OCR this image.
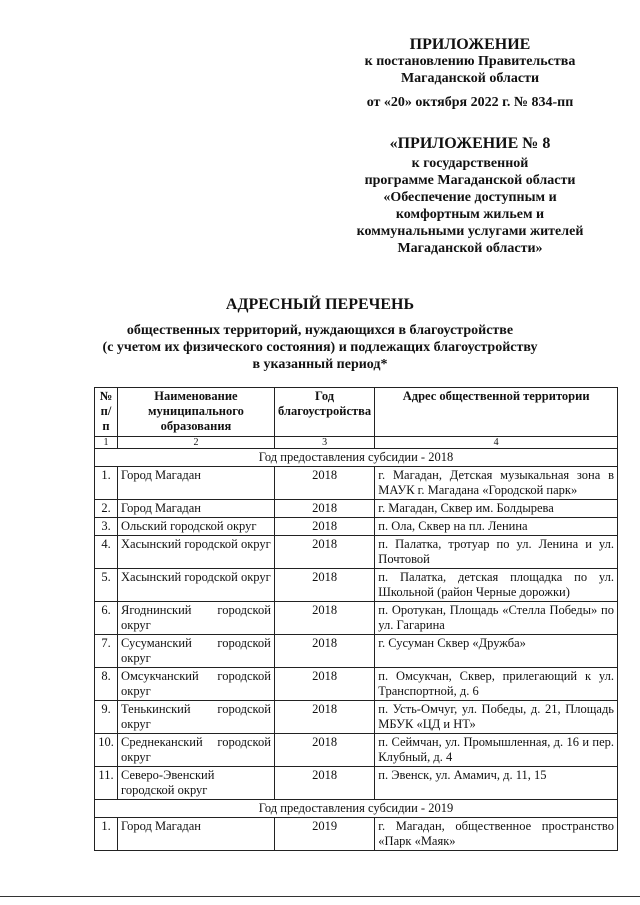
ПРИЛОЖЕНИЕ
к постановлению Правительства
Магаданской области
от «20» октября 2022 г. № 834-пп
«ПРИЛОЖЕНИЕ № 8
к государственной
программе Магаданской области
«Обеспечение доступным и
комфортным жильем и
коммунальными услугами жителей
Магаданской области»
АДРЕСНЫЙ ПЕРЕЧЕНЬ
общественных территорий, нуждающихся в благоустройстве
(с учетом их физического состояния) и подлежащих благоустройству
в указанный период*
№ п/п	Наименование муниципального образования	Год благоустройства	Адрес общественной территории
1	2	3	4
Год предоставления субсидии - 2018			
1.	Город Магадан	2018	г. Магадан, Детская музыкальная зона в МАУК г. Магадана «Городской парк»
2.	Город Магадан	2018	г. Магадан, Сквер им. Болдырева
3.	Ольский городской округ	2018	п. Ола, Сквер на пл. Ленина
4.	Хасынский городской округ	2018	п. Палатка, тротуар по ул. Ленина и ул. Почтовой
5.	Хасынский городской округ	2018	п. Палатка, детская площадка по ул. Школьной (район Черные дорожки)
6.	Ягоднинский городской округ	2018	п. Оротукан, Площадь «Стелла Победы» по ул. Гагарина
7.	Сусуманский городской округ	2018	г. Сусуман Сквер «Дружба»
8.	Омсукчанский городской округ	2018	п. Омсукчан, Сквер, прилегающий к ул. Транспортной, д. 6
9.	Тенькинский городской округ	2018	п. Усть-Омчуг, ул. Победы, д. 21, Площадь МБУК «ЦД и НТ»
10.	Среднеканский городской округ	2018	п. Сеймчан, ул. Промышленная, д. 16 и пер. Клубный, д. 4
11.	Северо-Эвенский городской округ	2018	п. Эвенск, ул. Амамич, д. 11, 15
Год предоставления субсидии - 2019			
1.	Город Магадан	2019	г. Магадан, общественное пространство «Парк «Маяк»
